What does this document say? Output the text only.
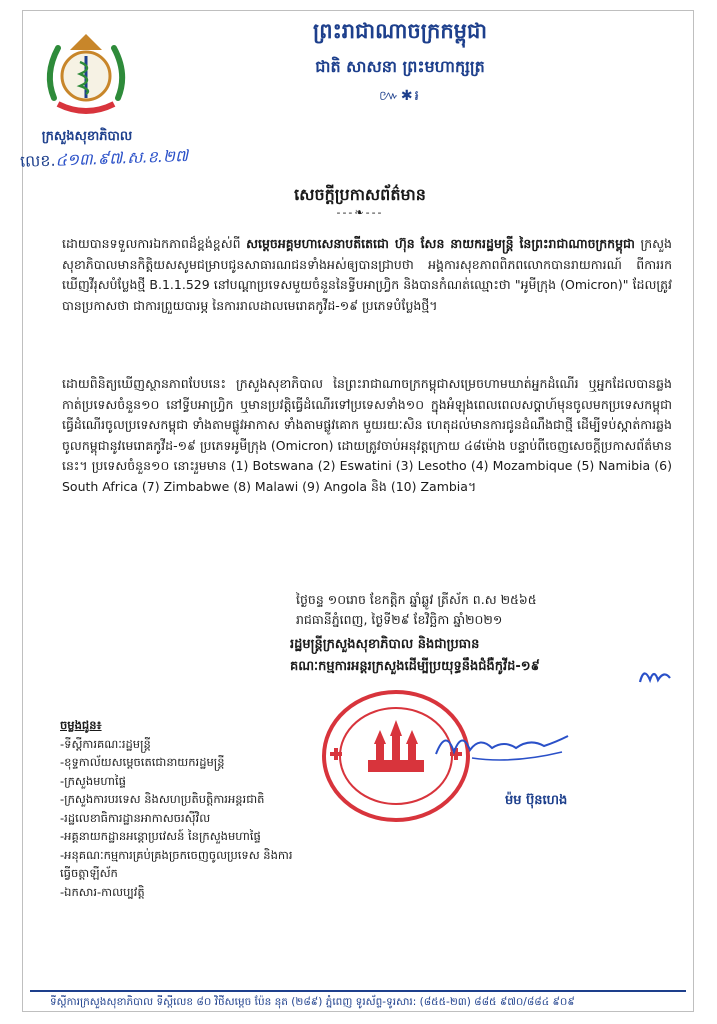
ក្រសួងសុខាភិបាល
លេខ.៤១៣.៩៧.ស.ខ.២៧
ព្រះរាជាណាចក្រកម្ពុជា
ជាតិ សាសនា ព្រះមហាក្សត្រ
៚✱៛
សេចក្តីប្រកាសព័ត៌មាន
---❧---
ដោយបានទទួលការឯកភាពដ៏ខ្ពង់ខ្ពស់ពី សម្តេចអគ្គមហាសេនាបតីតេជោ ហ៊ុន សែន នាយករដ្ឋមន្ត្រី នៃព្រះរាជាណាចក្រកម្ពុជា ក្រសួងសុខាភិបាលមានកិត្តិយសសូមជម្រាបជូនសាធារណជនទាំងអស់ឲ្យបានជ្រាបថា អង្គការសុខភាពពិភពលោកបានរាយការណ៍ ពីការរកឃើញវីរុសបំប្លែងថ្មី B.1.1.529 នៅបណ្តាប្រទេសមួយចំនួននៃទ្វីបអាហ្វ្រិក និងបានកំណត់ឈ្មោះថា "អូមីក្រុង (Omicron)" ដែលត្រូវបានប្រកាសថា ជាការព្រួយបារម្ភ នៃការរាលដាលមេរោគកូវីដ-១៩ ប្រភេទបំប្លែងថ្មី។
ដោយពិនិត្យឃើញស្ថានភាពបែបនេះ ក្រសួងសុខាភិបាល នៃព្រះរាជាណាចក្រកម្ពុជាសម្រេចហាមឃាត់អ្នកដំណើរ ឬអ្នកដែលបានឆ្លងកាត់ប្រទេសចំនួន១០ នៅទ្វីបអាហ្វ្រិក ឬមានប្រវត្តិធ្វើដំណើរទៅប្រទេសទាំង១០ ក្នុងអំឡុងពេលពេលសប្តាហ៍មុនចូលមកប្រទេសកម្ពុជា ធ្វើដំណើរចូលប្រទេសកម្ពុជា ទាំងតាមផ្លូវអាកាស ទាំងតាមផ្លូវគោក មួយរយៈសិន ហេតុដល់មានការជូនដំណឹងជាថ្មី ដើម្បីទប់ស្កាត់ការឆ្លងចូលកម្ពុជានូវមេរោគកូវីដ-១៩ ប្រភេទអូមីក្រុង (Omicron) ដោយត្រូវចាប់អនុវត្តក្រោយ ៤៨ម៉ោង បន្ទាប់ពីចេញសេចក្តីប្រកាសព័ត៌មាននេះ។ ប្រទេសចំនួន១០ នោះរួមមាន (1) Botswana (2) Eswatini (3) Lesotho (4) Mozambique (5) Namibia (6) South Africa (7) Zimbabwe (8) Malawi (9) Angola និង (10) Zambia។
ថ្ងៃចន្ទ ១០រោច ខែកត្តិក ឆ្នាំឆ្លូវ ត្រីស័ក ព.ស ២៥៦៥
រាជធានីភ្នំពេញ, ថ្ងៃទី២៩ ខែវិច្ឆិកា ឆ្នាំ២០២១
រដ្ឋមន្ត្រីក្រសួងសុខាភិបាល និងជាប្រធាន
គណៈកម្មការអន្តរក្រសួងដើម្បីប្រយុទ្ធនឹងជំងឺកូវីដ-១៩
ម៉ម ប៊ុនហេង
ចម្លងជូន៖
-ទីស្តីការគណៈរដ្ឋមន្ត្រី
-ខុទ្ទកាល័យសម្តេចតេជោនាយករដ្ឋមន្ត្រី
-ក្រសួងមហាផ្ទៃ
-ក្រសួងការបរទេស និងសហប្រតិបត្តិការអន្តរជាតិ
-រដ្ឋលេខាធិការដ្ឋានអាកាសចរស៊ីវិល
-អគ្គនាយកដ្ឋានអន្តោប្រវេសន៍ នៃក្រសួងមហាផ្ទៃ
-អនុគណៈកម្មការគ្រប់គ្រងច្រកចេញចូលប្រទេស និងការធ្វើចត្តាឡីស័ក
-ឯកសារ-កាលប្បវត្តិ
ទីស្តីការក្រសួងសុខាភិបាល ទីស្តីលេខ ៨០ វិថីសម្តេច ប៉ែន នុត (២៨៩) ភ្នំពេញ ទូរស័ព្ទ-ទូរសារ: (៨៥៥-២៣) ៨៨៥ ៩៧០/៨៨៤ ៩០៩
